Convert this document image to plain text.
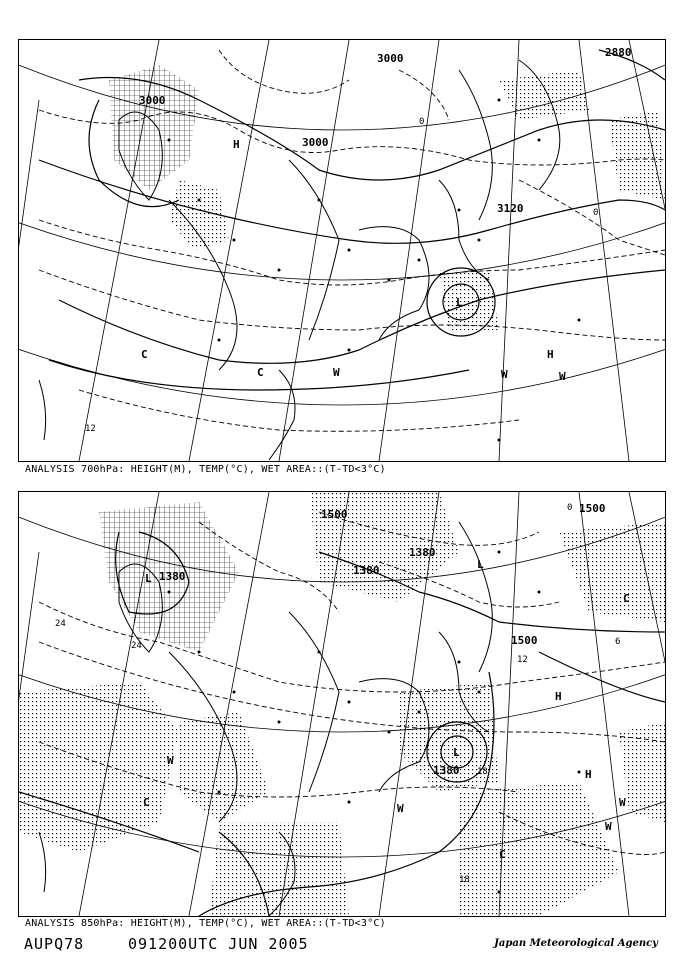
3000
3000
3000	2880
3120
H
H
L
C
C	W	W	W
12
0
0
ANALYSIS 700hPa: HEIGHT(M), TEMP(°C), WET AREA::(T-TD<3°C)
1380	1380
1500
1500
1380
1380
1500
L
L
H
H
L
C
C
C
W
W	W
W
24
24
18
12
6
0
18
ANALYSIS 850hPa: HEIGHT(M), TEMP(°C), WET AREA::(T-TD<3°C)
AUPQ78	091200UTC JUN 2005	Japan Meteorological Agency
